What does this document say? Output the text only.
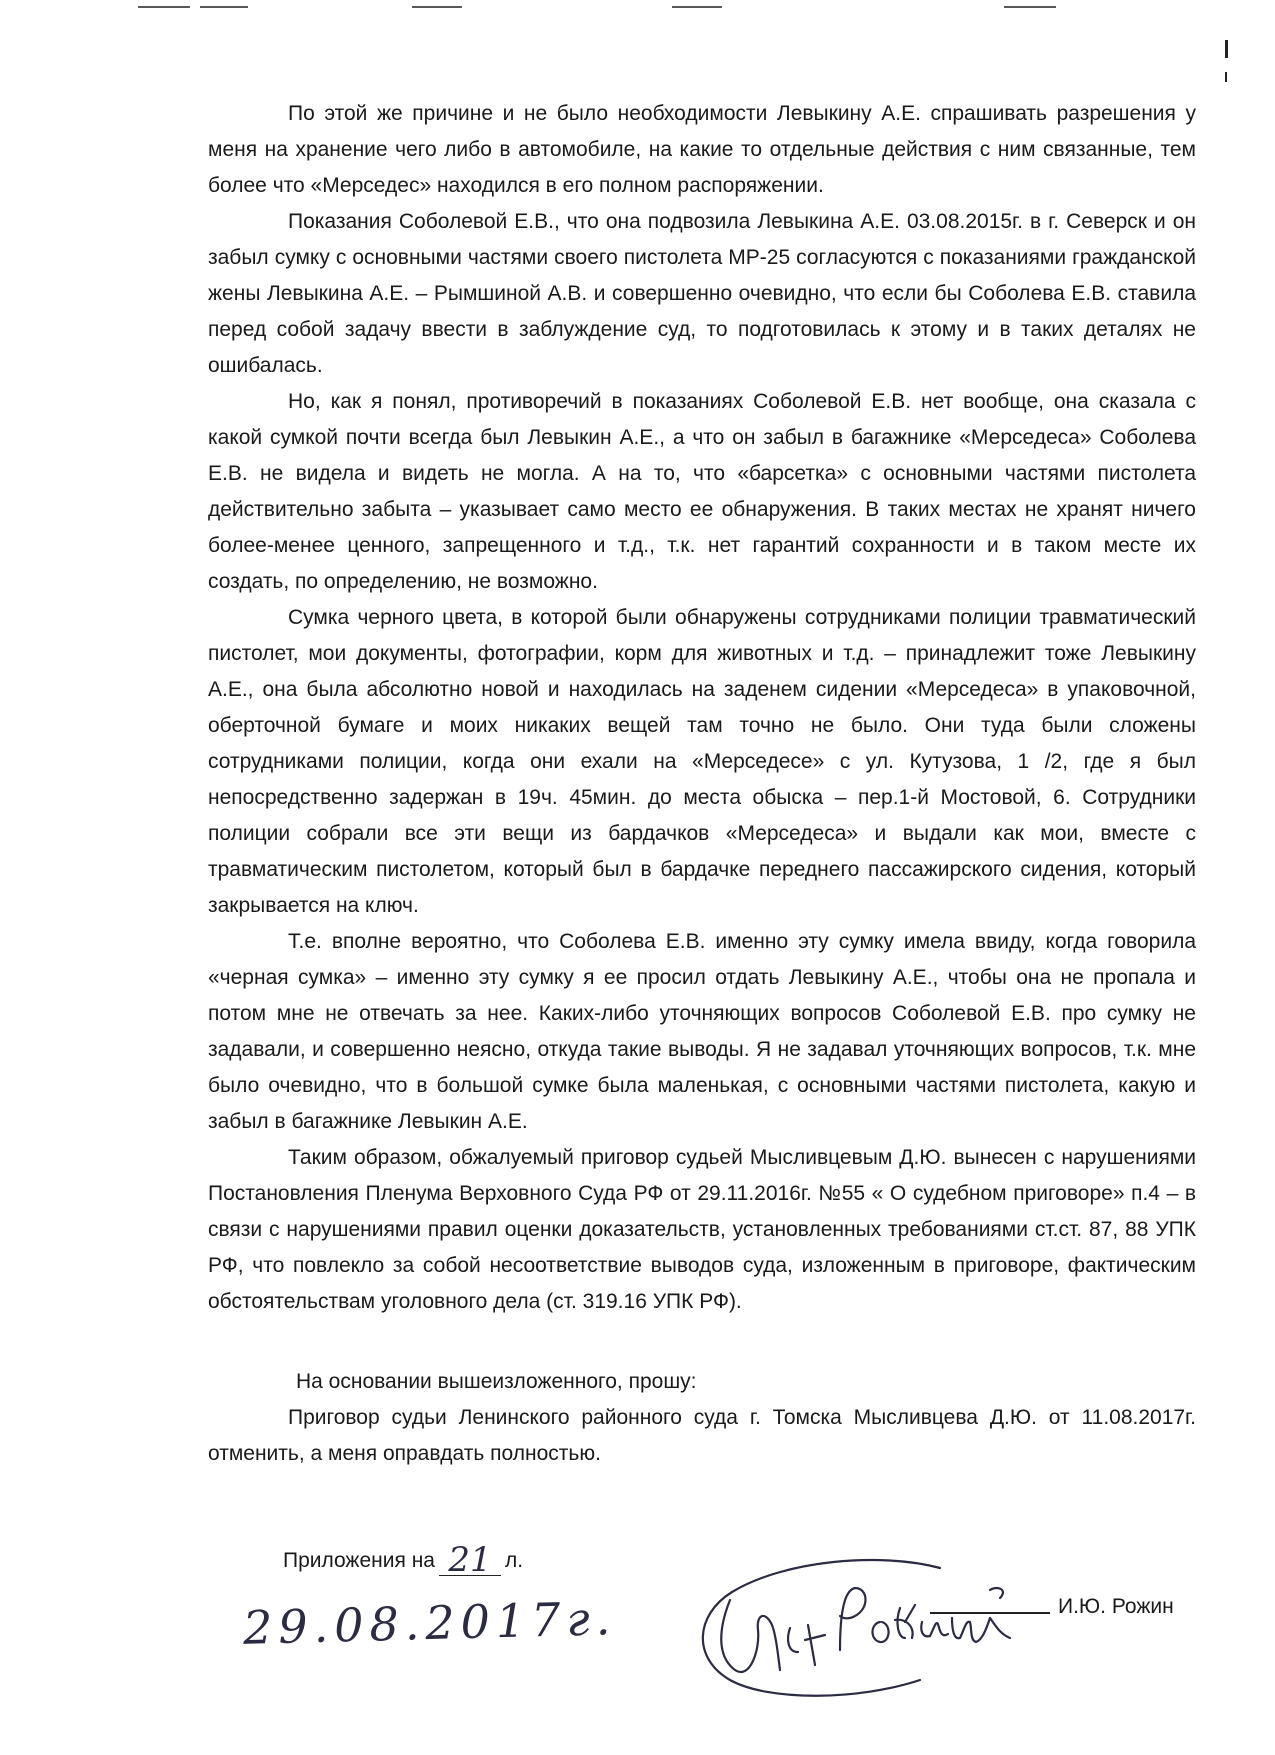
По этой же причине и не было необходимости Левыкину А.Е. спрашивать разрешения у меня на хранение чего либо в автомобиле, на какие то отдельные действия с ним связанные, тем более что «Мерседес» находился в его полном распоряжении.

Показания Соболевой Е.В., что она подвозила Левыкина А.Е. 03.08.2015г. в г. Северск и он забыл сумку с основными частями своего пистолета МР-25 согласуются с показаниями гражданской жены Левыкина А.Е. – Рымшиной А.В. и совершенно очевидно, что если бы Соболева Е.В. ставила перед собой задачу ввести в заблуждение суд, то подготовилась к этому и в таких деталях не ошибалась.

Но, как я понял, противоречий в показаниях Соболевой Е.В. нет вообще, она сказала с какой сумкой почти всегда был Левыкин А.Е., а что он забыл в багажнике «Мерседеса» Соболева Е.В. не видела и видеть не могла. А на то, что «барсетка» с основными частями пистолета действительно забыта – указывает само место ее обнаружения. В таких местах не хранят ничего более-менее ценного, запрещенного и т.д., т.к. нет гарантий сохранности и в таком месте их создать, по определению, не возможно.

Сумка черного цвета, в которой были обнаружены сотрудниками полиции травматический пистолет, мои документы, фотографии, корм для животных и т.д. – принадлежит тоже Левыкину А.Е., она была абсолютно новой и находилась на заденем сидении «Мерседеса» в упаковочной, оберточной бумаге и моих никаких вещей там точно не было. Они туда были сложены сотрудниками полиции, когда они ехали на «Мерседесе» с ул. Кутузова, 1 /2, где я был непосредственно задержан в 19ч. 45мин. до места обыска – пер.1-й Мостовой, 6. Сотрудники полиции собрали все эти вещи из бардачков «Мерседеса» и выдали как мои, вместе с травматическим пистолетом, который был в бардачке переднего пассажирского сидения, который закрывается на ключ.

Т.е. вполне вероятно, что Соболева Е.В. именно эту сумку имела ввиду, когда говорила «черная сумка» – именно эту сумку я ее просил отдать Левыкину А.Е., чтобы она не пропала и потом мне не отвечать за нее. Каких-либо уточняющих вопросов Соболевой Е.В. про сумку не задавали, и совершенно неясно, откуда такие выводы. Я не задавал уточняющих вопросов, т.к. мне было очевидно, что в большой сумке была маленькая, с основными частями пистолета, какую и забыл в багажнике Левыкин А.Е.

Таким образом, обжалуемый приговор судьей Мысливцевым Д.Ю. вынесен с нарушениями Постановления Пленума Верховного Суда РФ от 29.11.2016г. №55 « О судебном приговоре» п.4 – в связи с нарушениями правил оценки доказательств, установленных требованиями ст.ст. 87, 88 УПК РФ, что повлекло за собой несоответствие выводов суда, изложенным в приговоре, фактическим обстоятельствам уголовного дела (ст. 319.16 УПК РФ).

На основании вышеизложенного, прошу:

Приговор судьи Ленинского районного суда г. Томска Мысливцева Д.Ю. от 11.08.2017г. отменить, а меня оправдать полностью.

Приложения на 21 л.
29.08.2017г.	И.Ю. Рожин
